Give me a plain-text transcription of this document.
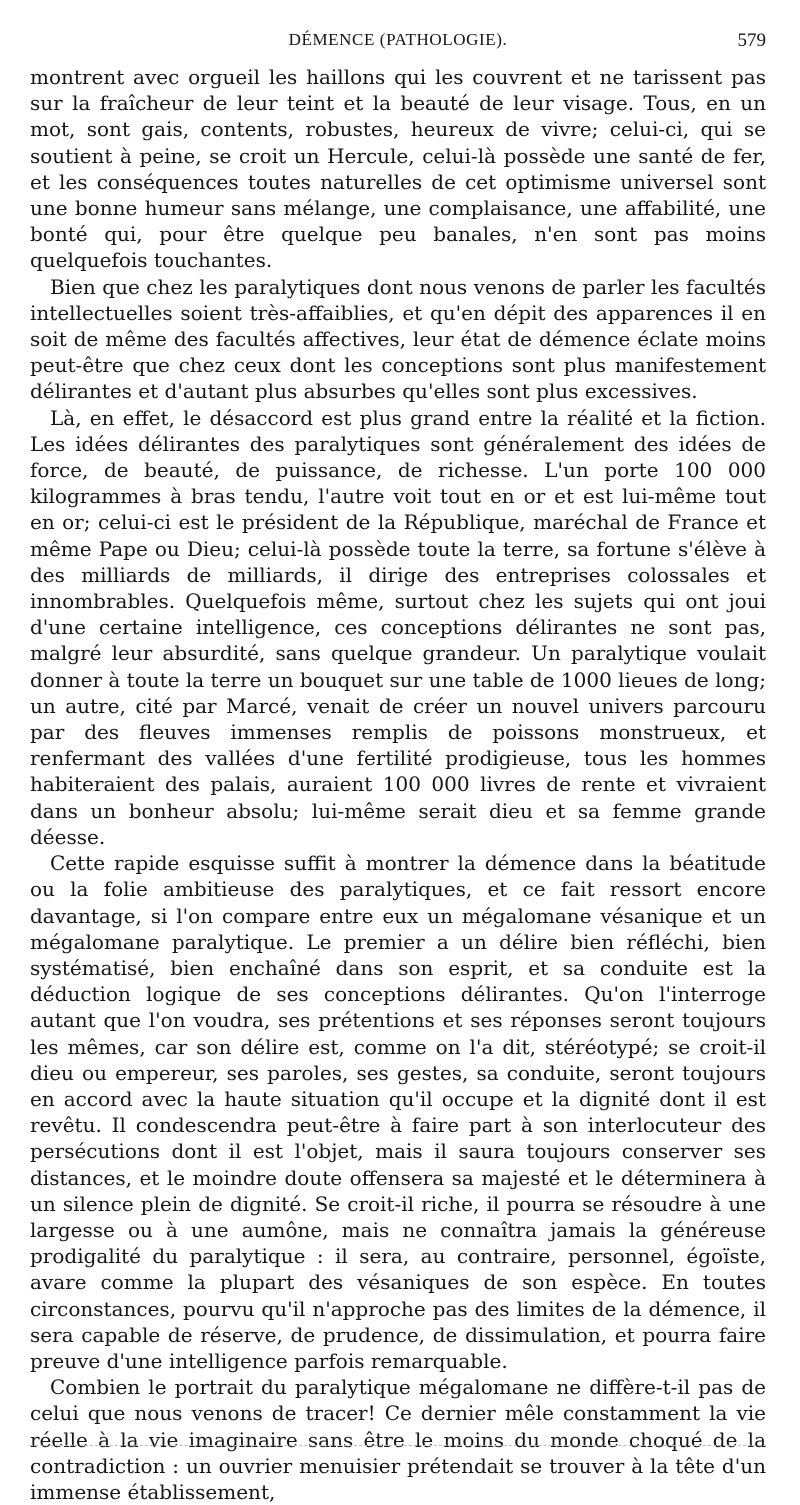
DÉMENCE (PATHOLOGIE).	579

montrent avec orgueil les haillons qui les couvrent et ne tarissent pas sur la fraîcheur de leur teint et la beauté de leur visage. Tous, en un mot, sont gais, contents, robustes, heureux de vivre; celui-ci, qui se soutient à peine, se croit un Hercule, celui-là possède une santé de fer, et les conséquences toutes naturelles de cet optimisme universel sont une bonne humeur sans mélange, une complaisance, une affabilité, une bonté qui, pour être quelque peu banales, n'en sont pas moins quelquefois touchantes.

Bien que chez les paralytiques dont nous venons de parler les facultés intellectuelles soient très-affaiblies, et qu'en dépit des apparences il en soit de même des facultés affectives, leur état de démence éclate moins peut-être que chez ceux dont les conceptions sont plus manifestement délirantes et d'autant plus absurbes qu'elles sont plus excessives.

Là, en effet, le désaccord est plus grand entre la réalité et la fiction. Les idées délirantes des paralytiques sont généralement des idées de force, de beauté, de puissance, de richesse. L'un porte 100 000 kilogrammes à bras tendu, l'autre voit tout en or et est lui-même tout en or; celui-ci est le président de la République, maréchal de France et même Pape ou Dieu; celui-là possède toute la terre, sa fortune s'élève à des milliards de milliards, il dirige des entreprises colossales et innombrables. Quelquefois même, surtout chez les sujets qui ont joui d'une certaine intelligence, ces conceptions délirantes ne sont pas, malgré leur absurdité, sans quelque grandeur. Un paralytique voulait donner à toute la terre un bouquet sur une table de 1000 lieues de long; un autre, cité par Marcé, venait de créer un nouvel univers parcouru par des fleuves immenses remplis de poissons monstrueux, et renfermant des vallées d'une fertilité prodigieuse, tous les hommes habiteraient des palais, auraient 100 000 livres de rente et vivraient dans un bonheur absolu; lui-même serait dieu et sa femme grande déesse.

Cette rapide esquisse suffit à montrer la démence dans la béatitude ou la folie ambitieuse des paralytiques, et ce fait ressort encore davantage, si l'on compare entre eux un mégalomane vésanique et un mégalomane paralytique. Le premier a un délire bien réfléchi, bien systématisé, bien enchaîné dans son esprit, et sa conduite est la déduction logique de ses conceptions délirantes. Qu'on l'interroge autant que l'on voudra, ses prétentions et ses réponses seront toujours les mêmes, car son délire est, comme on l'a dit, stéréotypé; se croit-il dieu ou empereur, ses paroles, ses gestes, sa conduite, seront toujours en accord avec la haute situation qu'il occupe et la dignité dont il est revêtu. Il condescendra peut-être à faire part à son interlocuteur des persécutions dont il est l'objet, mais il saura toujours conserver ses distances, et le moindre doute offensera sa majesté et le déterminera à un silence plein de dignité. Se croit-il riche, il pourra se résoudre à une largesse ou à une aumône, mais ne connaîtra jamais la généreuse prodigalité du paralytique : il sera, au contraire, personnel, égoïste, avare comme la plupart des vésaniques de son espèce. En toutes circonstances, pourvu qu'il n'approche pas des limites de la démence, il sera capable de réserve, de prudence, de dissimulation, et pourra faire preuve d'une intelligence parfois remarquable.

Combien le portrait du paralytique mégalomane ne diffère-t-il pas de celui que nous venons de tracer! Ce dernier mêle constamment la vie réelle à la vie imaginaire sans être le moins du monde choqué de la contradiction : un ouvrier menuisier prétendait se trouver à la tête d'un immense établissement,
